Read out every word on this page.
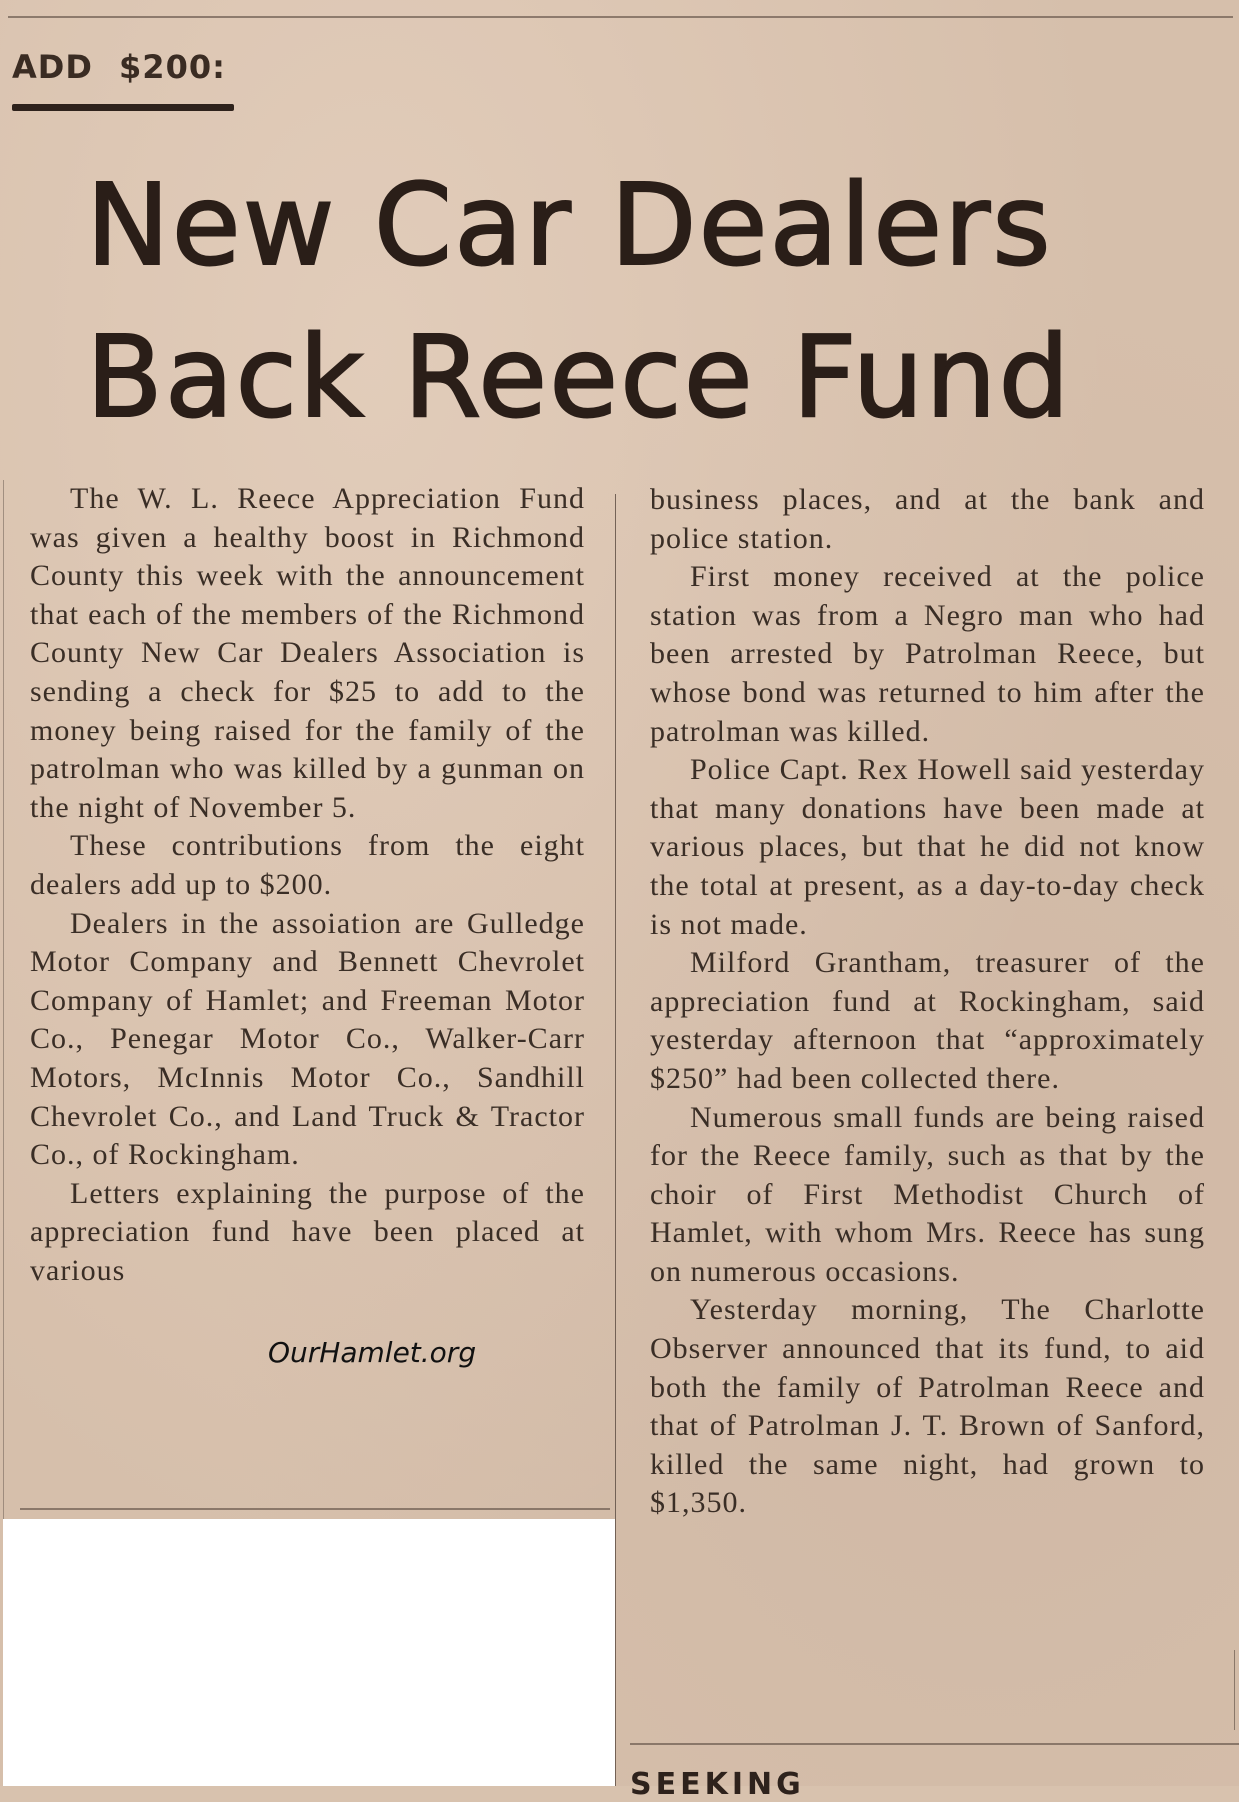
ADD $200:
New Car Dealers
Back Reece Fund

The W. L. Reece Appreciation Fund was given a healthy boost in Richmond County this week with the announcement that each of the members of the Richmond County New Car Dealers Association is sending a check for $25 to add to the money being raised for the family of the patrolman who was killed by a gunman on the night of November 5.

These contributions from the eight dealers add up to $200.

Dealers in the assoiation are Gulledge Motor Company and Bennett Chevrolet Company of Hamlet; and Freeman Motor Co., Penegar Motor Co., Walker-Carr Motors, McInnis Motor Co., Sandhill Chevrolet Co., and Land Truck & Tractor Co., of Rockingham.

Letters explaining the purpose of the appreciation fund have been placed at various

business places, and at the bank and police station.

First money received at the police station was from a Negro man who had been arrested by Patrolman Reece, but whose bond was returned to him after the patrolman was killed.

Police Capt. Rex Howell said yesterday that many donations have been made at various places, but that he did not know the total at present, as a day-to-day check is not made.

Milford Grantham, treasurer of the appreciation fund at Rockingham, said yesterday afternoon that “approximately $250” had been collected there.

Numerous small funds are being raised for the Reece family, such as that by the choir of First Methodist Church of Hamlet, with whom Mrs. Reece has sung on numerous occasions.

Yesterday morning, The Charlotte Observer announced that its fund, to aid both the family of Patrolman Reece and that of Patrolman J. T. Brown of Sanford, killed the same night, had grown to $1,350.

OurHamlet.org
SEEKING
